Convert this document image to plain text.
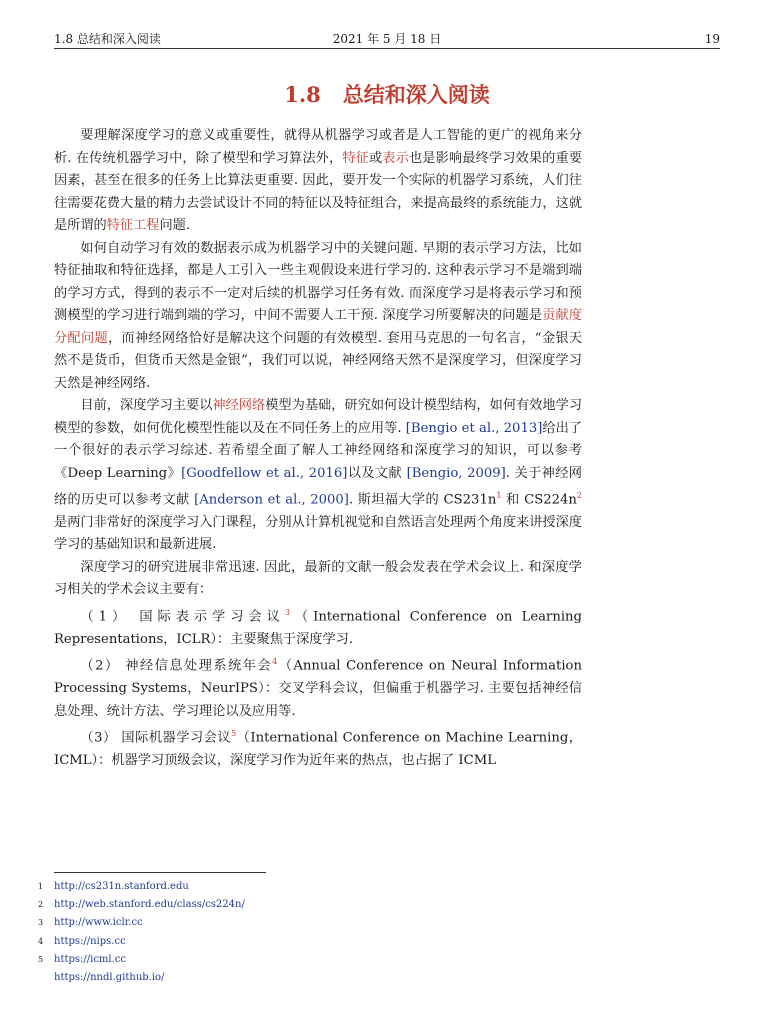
1.8 总结和深入阅读	2021 年 5 月 18 日	19
1.8 总结和深入阅读

要理解深度学习的意义或重要性，就得从机器学习或者是人工智能的更广的视角来分析. 在传统机器学习中，除了模型和学习算法外，特征或表示也是影响最终学习效果的重要因素，甚至在很多的任务上比算法更重要. 因此，要开发一个实际的机器学习系统，人们往往需要花费大量的精力去尝试设计不同的特征以及特征组合，来提高最终的系统能力，这就是所谓的特征工程问题.

如何自动学习有效的数据表示成为机器学习中的关键问题. 早期的表示学习方法，比如特征抽取和特征选择，都是人工引入一些主观假设来进行学习的. 这种表示学习不是端到端的学习方式，得到的表示不一定对后续的机器学习任务有效. 而深度学习是将表示学习和预测模型的学习进行端到端的学习，中间不需要人工干预. 深度学习所要解决的问题是贡献度分配问题，而神经网络恰好是解决这个问题的有效模型. 套用马克思的一句名言，“金银天然不是货币，但货币天然是金银”，我们可以说，神经网络天然不是深度学习，但深度学习天然是神经网络.

目前，深度学习主要以神经网络模型为基础，研究如何设计模型结构，如何有效地学习模型的参数，如何优化模型性能以及在不同任务上的应用等. [Bengio et al., 2013]给出了一个很好的表示学习综述. 若希望全面了解人工神经网络和深度学习的知识，可以参考《Deep Learning》[Goodfellow et al., 2016]以及文献 [Bengio, 2009]. 关于神经网络的历史可以参考文献 [Anderson et al., 2000]. 斯坦福大学的 CS231n$^1$ 和 CS224n$^2$是两门非常好的深度学习入门课程，分别从计算机视觉和自然语言处理两个角度来讲授深度学习的基础知识和最新进展.

深度学习的研究进展非常迅速. 因此，最新的文献一般会发表在学术会议上. 和深度学习相关的学术会议主要有：

（1） 国际表示学习会议$^3$（International Conference on Learning Representations，ICLR）：主要聚焦于深度学习.

（2） 神经信息处理系统年会$^4$（Annual Conference on Neural Information Processing Systems，NeurIPS）：交叉学科会议，但偏重于机器学习. 主要包括神经信息处理、统计方法、学习理论以及应用等.

（3） 国际机器学习会议$^5$（International Conference on Machine Learning，ICML）：机器学习顶级会议，深度学习作为近年来的热点，也占据了 ICML

1	http://cs231n.stanford.edu
2	http://web.stanford.edu/class/cs224n/
3	http://www.iclr.cc
4	https://nips.cc
5	https://icml.cc
https://nndl.github.io/
